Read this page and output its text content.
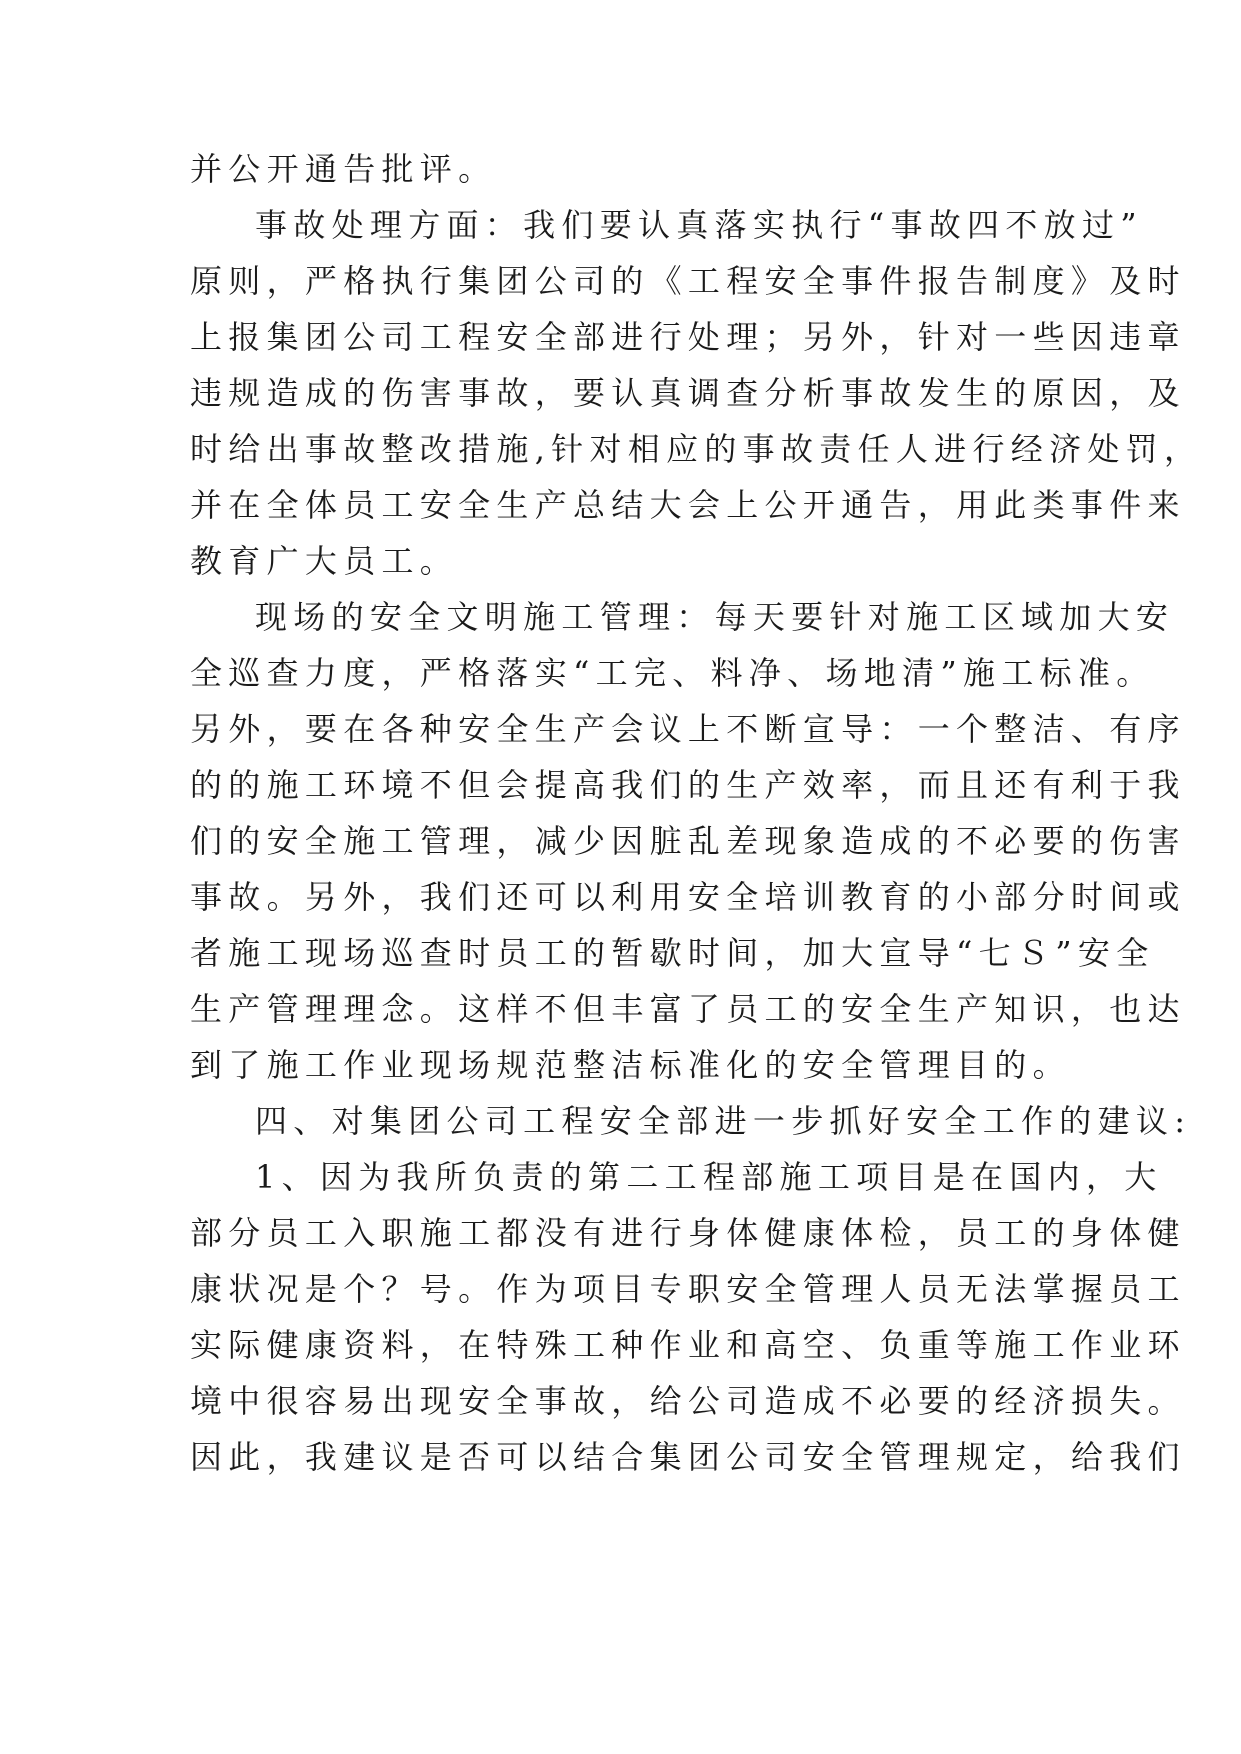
并公开通告批评。
事故处理方面：我们要认真落实执行“事故四不放过”
原则，严格执行集团公司的《工程安全事件报告制度》及时
上报集团公司工程安全部进行处理；另外，针对一些因违章
违规造成的伤害事故，要认真调查分析事故发生的原因，及
时给出事故整改措施,针对相应的事故责任人进行经济处罚，
并在全体员工安全生产总结大会上公开通告，用此类事件来
教育广大员工。
现场的安全文明施工管理：每天要针对施工区域加大安
全巡查力度，严格落实“工完、料净、场地清”施工标准。
另外，要在各种安全生产会议上不断宣导：一个整洁、有序
的的施工环境不但会提高我们的生产效率，而且还有利于我
们的安全施工管理，减少因脏乱差现象造成的不必要的伤害
事故。另外，我们还可以利用安全培训教育的小部分时间或
者施工现场巡查时员工的暂歇时间，加大宣导“七Ｓ”安全
生产管理理念。这样不但丰富了员工的安全生产知识，也达
到了施工作业现场规范整洁标准化的安全管理目的。
四、对集团公司工程安全部进一步抓好安全工作的建议:
1、因为我所负责的第二工程部施工项目是在国内，大
部分员工入职施工都没有进行身体健康体检，员工的身体健
康状况是个？号。作为项目专职安全管理人员无法掌握员工
实际健康资料，在特殊工种作业和高空、负重等施工作业环
境中很容易出现安全事故，给公司造成不必要的经济损失。
因此，我建议是否可以结合集团公司安全管理规定，给我们
